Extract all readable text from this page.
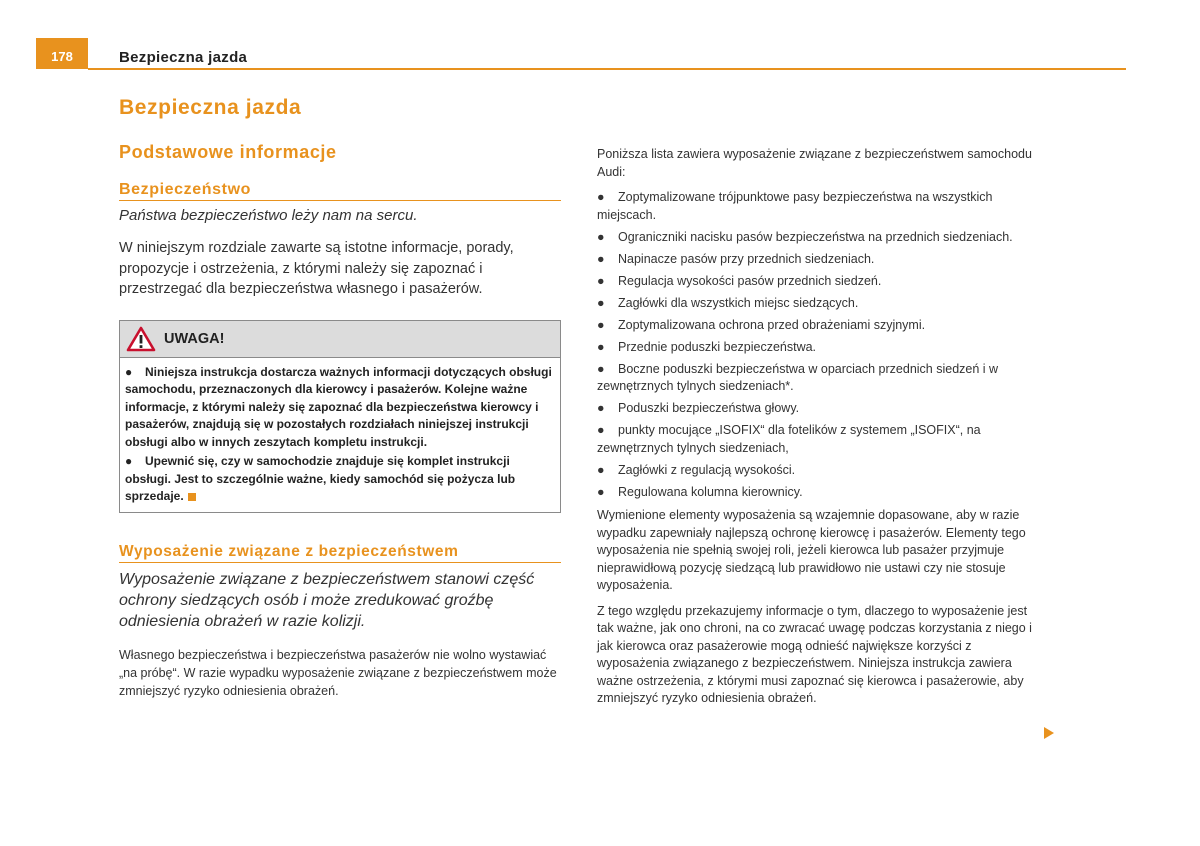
178	Bezpieczna jazda
Bezpieczna jazda
Podstawowe informacje
Bezpieczeństwo

Państwa bezpieczeństwo leży nam na sercu.

W niniejszym rozdziale zawarte są istotne informacje, porady, propozycje i ostrzeżenia, z którymi należy się zapoznać i przestrzegać dla bezpieczeństwa własnego i pasażerów.

UWAGA!

● Niniejsza instrukcja dostarcza ważnych informacji dotyczących obsługi samochodu, przeznaczonych dla kierowcy i pasażerów. Kolejne ważne informacje, z którymi należy się zapoznać dla bezpieczeństwa kierowcy i pasażerów, znajdują się w pozostałych rozdziałach niniejszej instrukcji obsługi albo w innych zeszytach kompletu instrukcji.

● Upewnić się, czy w samochodzie znajduje się komplet instrukcji obsługi. Jest to szczególnie ważne, kiedy samochód się pożycza lub sprzedaje.

Wyposażenie związane z bezpieczeństwem

Wyposażenie związane z bezpieczeństwem stanowi część ochrony siedzących osób i może zredukować groźbę odniesienia obrażeń w razie kolizji.

Własnego bezpieczeństwa i bezpieczeństwa pasażerów nie wolno wystawiać „na próbę“. W razie wypadku wyposażenie związane z bezpieczeństwem może zmniejszyć ryzyko odniesienia obrażeń.

Poniższa lista zawiera wyposażenie związane z bezpieczeństwem samochodu Audi:

● Zoptymalizowane trójpunktowe pasy bezpieczeństwa na wszystkich miejscach.
● Ograniczniki nacisku pasów bezpieczeństwa na przednich siedzeniach.
● Napinacze pasów przy przednich siedzeniach.
● Regulacja wysokości pasów przednich siedzeń.
● Zagłówki dla wszystkich miejsc siedzących.
● Zoptymalizowana ochrona przed obrażeniami szyjnymi.
● Przednie poduszki bezpieczeństwa.
● Boczne poduszki bezpieczeństwa w oparciach przednich siedzeń i w zewnętrznych tylnych siedzeniach*.
● Poduszki bezpieczeństwa głowy.
● punkty mocujące „ISOFIX“ dla fotelików z systemem „ISOFIX“, na zewnętrznych tylnych siedzeniach,
● Zagłówki z regulacją wysokości.
● Regulowana kolumna kierownicy.

Wymienione elementy wyposażenia są wzajemnie dopasowane, aby w razie wypadku zapewniały najlepszą ochronę kierowcę i pasażerów. Elementy tego wyposażenia nie spełnią swojej roli, jeżeli kierowca lub pasażer przyjmuje nieprawidłową pozycję siedzącą lub prawidłowo nie ustawi czy nie stosuje wyposażenia.

Z tego względu przekazujemy informacje o tym, dlaczego to wyposażenie jest tak ważne, jak ono chroni, na co zwracać uwagę podczas korzystania z niego i jak kierowca oraz pasażerowie mogą odnieść największe korzyści z wyposażenia związanego z bezpieczeństwem. Niniejsza instrukcja zawiera ważne ostrzeżenia, z którymi musi zapoznać się kierowca i pasażerowie, aby zmniejszyć ryzyko odniesienia obrażeń.
